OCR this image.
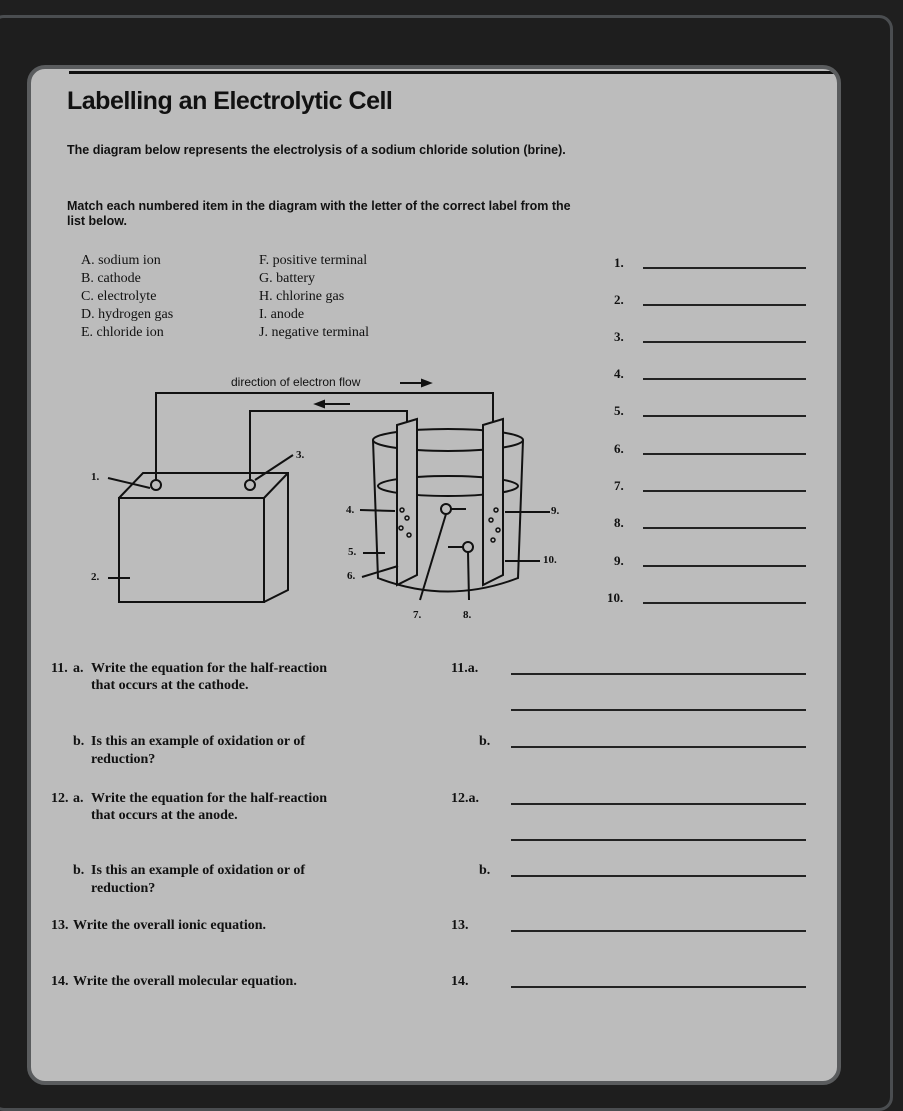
Labelling an Electrolytic Cell
The diagram below represents the electrolysis of a sodium chloride solution (brine).
Match each numbered item in the diagram with the letter of the correct label from the list below.
A. sodium ion
B. cathode
C. electrolyte
D. hydrogen gas
E. chloride ion
F. positive terminal
G. battery
H. chlorine gas
I. anode
J. negative terminal
direction of electron flow
1.
2.
3.
4.
5.
6.
7.	8.
9.
10.
1.
2.
3.
4.
5.
6.
7.
8.
9.
10.
11. a. Write the equation for the half-reaction
that occurs at the cathode.
11.a.
b. Is this an example of oxidation or of
reduction?
b.
12. a. Write the equation for the half-reaction
that occurs at the anode.
12.a.
b. Is this an example of oxidation or of
reduction?
b.
13. Write the overall ionic equation.	13.
14. Write the overall molecular equation.	14.
